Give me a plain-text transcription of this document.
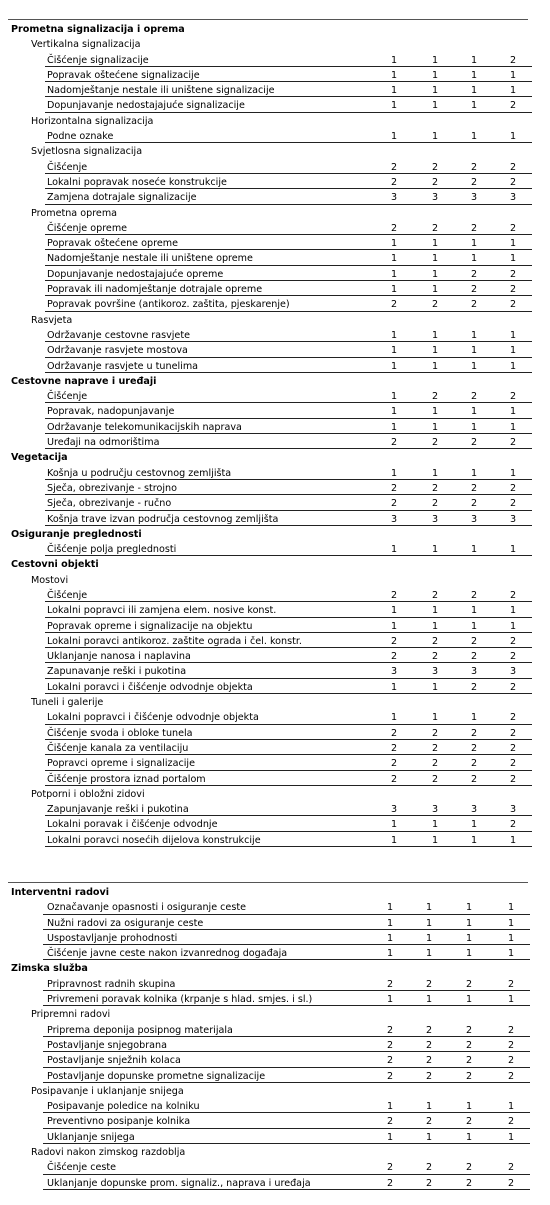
Prometna signalizacija i oprema
Vertikalna signalizacija
Čišćenje signalizacije	1	1	1	2
Popravak oštećene signalizacije	1	1	1	1
Nadomještanje nestale ili uništene signalizacije	1	1	1	1
Dopunjavanje nedostajajuće signalizacije	1	1	1	2
Horizontalna signalizacija
Podne oznake	1	1	1	1
Svjetlosna signalizacija
Čišćenje	2	2	2	2
Lokalni popravak noseće konstrukcije	2	2	2	2
Zamjena dotrajale signalizacije	3	3	3	3
Prometna oprema
Čišćenje opreme	2	2	2	2
Popravak oštećene opreme	1	1	1	1
Nadomještanje nestale ili uništene opreme	1	1	1	1
Dopunjavanje nedostajajuće opreme	1	1	2	2
Popravak ili nadomještanje dotrajale opreme	1	1	2	2
Popravak površine (antikoroz. zaštita, pjeskarenje)	2	2	2	2
Rasvjeta
Održavanje cestovne rasvjete	1	1	1	1
Održavanje rasvjete mostova	1	1	1	1
Održavanje rasvjete u tunelima	1	1	1	1
Cestovne naprave i uređaji
Čišćenje	1	2	2	2
Popravak, nadopunjavanje	1	1	1	1
Održavanje telekomunikacijskih naprava	1	1	1	1
Uređaji na odmorištima	2	2	2	2
Vegetacija
Košnja u području cestovnog zemljišta	1	1	1	1
Sječa, obrezivanje - strojno	2	2	2	2
Sječa, obrezivanje - ručno	2	2	2	2
Košnja trave izvan područja cestovnog zemljišta	3	3	3	3
Osiguranje preglednosti
Čišćenje polja preglednosti	1	1	1	1
Cestovni objekti
Mostovi
Čišćenje	2	2	2	2
Lokalni popravci ili zamjena elem. nosive konst.	1	1	1	1
Popravak opreme i signalizacije na objektu	1	1	1	1
Lokalni poravci antikoroz. zaštite ograda i čel. konstr.	2	2	2	2
Uklanjanje nanosa i naplavina	2	2	2	2
Zapunavanje reški i pukotina	3	3	3	3
Lokalni poravci i čišćenje odvodnje objekta	1	1	2	2
Tuneli i galerije
Lokalni popravci i čišćenje odvodnje objekta	1	1	1	2
Čišćenje svoda i obloke tunela	2	2	2	2
Čišćenje kanala za ventilaciju	2	2	2	2
Popravci opreme i signalizacije	2	2	2	2
Čišćenje prostora iznad portalom	2	2	2	2
Potporni i obložni zidovi
Zapunjavanje reški i pukotina	3	3	3	3
Lokalni poravak i čišćenje odvodnje	1	1	1	2
Lokalni poravci nosećih dijelova konstrukcije	1	1	1	1
Interventni radovi
Označavanje opasnosti i osiguranje ceste	1	1	1	1
Nužni radovi za osiguranje ceste	1	1	1	1
Uspostavljanje prohodnosti	1	1	1	1
Čišćenje javne ceste nakon izvanrednog događaja	1	1	1	1
Zimska služba
Pripravnost radnih skupina	2	2	2	2
Privremeni poravak kolnika (krpanje s hlad. smjes. i sl.)	1	1	1	1
Pripremni radovi
Priprema deponija posipnog materijala	2	2	2	2
Postavljanje snjegobrana	2	2	2	2
Postavljanje snježnih kolaca	2	2	2	2
Postavljanje dopunske prometne signalizacije	2	2	2	2
Posipavanje i uklanjanje snijega
Posipavanje poledice na kolniku	1	1	1	1
Preventivno posipanje kolnika	2	2	2	2
Uklanjanje snijega	1	1	1	1
Radovi nakon zimskog razdoblja
Čišćenje ceste	2	2	2	2
Uklanjanje dopunske prom. signaliz., naprava i uređaja	2	2	2	2
